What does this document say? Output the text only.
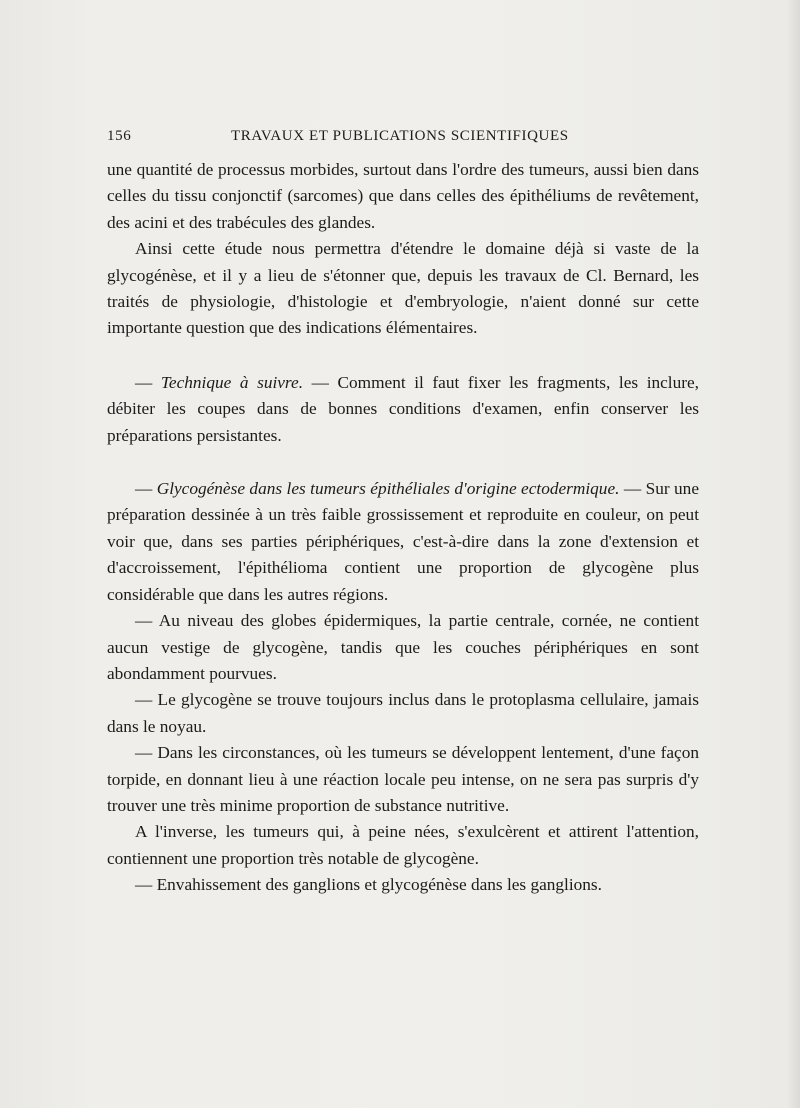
156	TRAVAUX ET PUBLICATIONS SCIENTIFIQUES

une quantité de processus morbides, surtout dans l'ordre des tumeurs, aussi bien dans celles du tissu conjonctif (sarcomes) que dans celles des épithéliums de revêtement, des acini et des trabécules des glandes.

Ainsi cette étude nous permettra d'étendre le domaine déjà si vaste de la glycogénèse, et il y a lieu de s'étonner que, depuis les travaux de Cl. Bernard, les traités de physiologie, d'histologie et d'embryologie, n'aient donné sur cette importante question que des indications élémentaires.

— Technique à suivre. — Comment il faut fixer les fragments, les inclure, débiter les coupes dans de bonnes conditions d'examen, enfin conserver les préparations persistantes.

— Glycogénèse dans les tumeurs épithéliales d'origine ectodermique. — Sur une préparation dessinée à un très faible grossissement et reproduite en couleur, on peut voir que, dans ses parties périphériques, c'est-à-dire dans la zone d'extension et d'accroissement, l'épithélioma contient une proportion de glycogène plus considérable que dans les autres régions.

— Au niveau des globes épidermiques, la partie centrale, cornée, ne contient aucun vestige de glycogène, tandis que les couches périphériques en sont abondamment pourvues.

— Le glycogène se trouve toujours inclus dans le protoplasma cellulaire, jamais dans le noyau.

— Dans les circonstances, où les tumeurs se développent lentement, d'une façon torpide, en donnant lieu à une réaction locale peu intense, on ne sera pas surpris d'y trouver une très minime proportion de substance nutritive.

A l'inverse, les tumeurs qui, à peine nées, s'exulcèrent et attirent l'attention, contiennent une proportion très notable de glycogène.

— Envahissement des ganglions et glycogénèse dans les ganglions.
